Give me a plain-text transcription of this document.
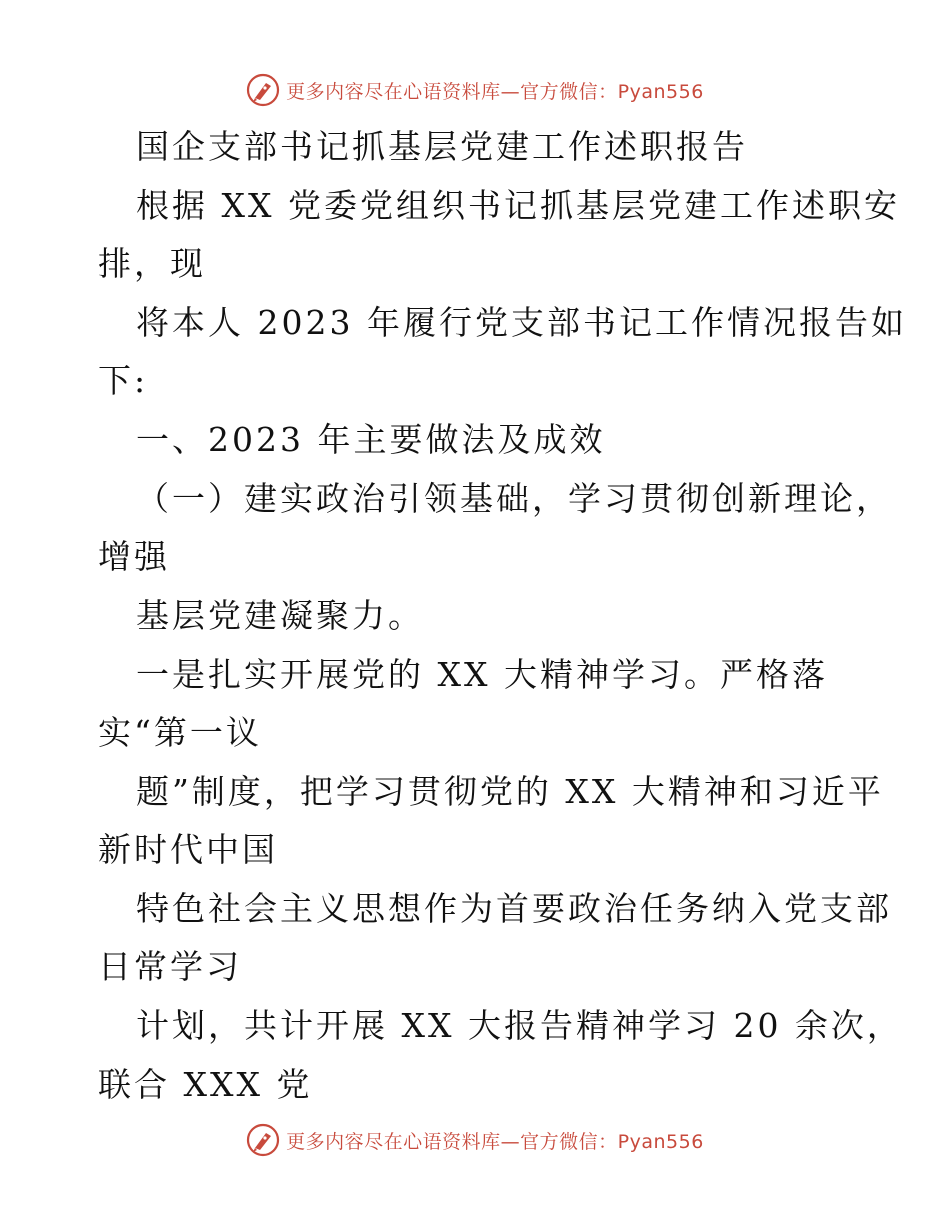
更多内容尽在心语资料库—官方微信：Pyan556
国企支部书记抓基层党建工作述职报告
根据 XX 党委党组织书记抓基层党建工作述职安
排，现
将本人 2023 年履行党支部书记工作情况报告如
下:
一、2023 年主要做法及成效
（一）建实政治引领基础，学习贯彻创新理论，
增强
基层党建凝聚力。
一是扎实开展党的 XX 大精神学习。严格落
实“第一议
题”制度，把学习贯彻党的 XX 大精神和习近平
新时代中国
特色社会主义思想作为首要政治任务纳入党支部
日常学习
计划，共计开展 XX 大报告精神学习 20 余次，
联合 XXX 党
更多内容尽在心语资料库—官方微信：Pyan556
